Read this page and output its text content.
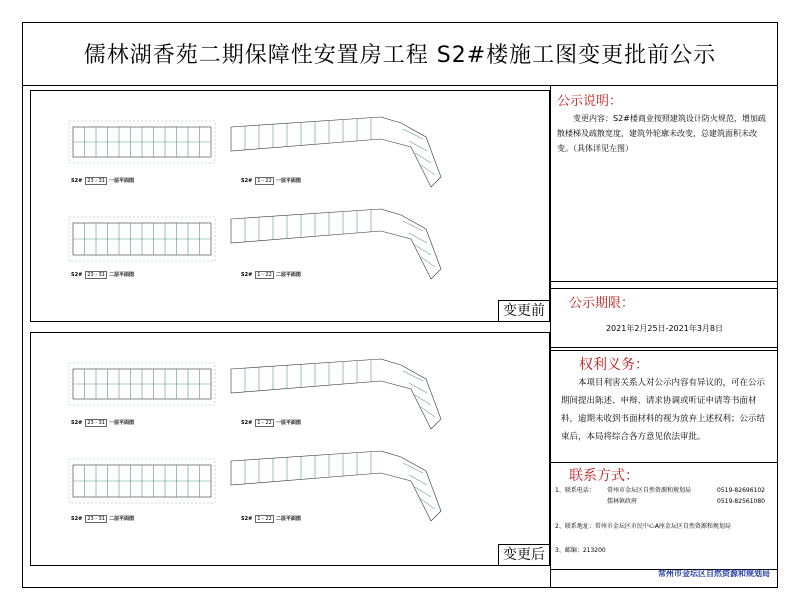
儒林湖香苑二期保障性安置房工程 S2#楼施工图变更批前公示
S2# 23 - 31 一层平面图	S2# 1 - 22 一层平面图
S2# 23 - 31 二层平面图	S2# 1 - 22 二层平面图
变更前
S2# 23 - 31 一层平面图	S2# 1 - 22 一层平面图
S2# 23 - 31 二层平面图	S2# 1 - 22 二层平面图
变更后
公示说明：

变更内容：S2#楼商业按照建筑设计防火规范，增加疏散楼梯及疏散宽度，建筑外轮廓未改变，总建筑面积未改变。（具体详见左图）

公示期限：
2021年2月25日-2021年3月8日
权利义务：

本项目利害关系人对公示内容有异议的，可在公示期间提出陈述、申辩、请求协调或听证申请等书面材料，逾期未收到书面材料的视为放弃上述权利；公示结束后，本局将综合各方意见依法审批。

联系方式：
1、联系电话：	常州市金坛区自然资源和规划局	0519-82696102
儒林镇政府	0519-82561080
2、联系地址：常州市金坛区市民中心A座金坛区自然资源和规划局
3、邮编：213200
常州市金坛区自然资源和规划局
